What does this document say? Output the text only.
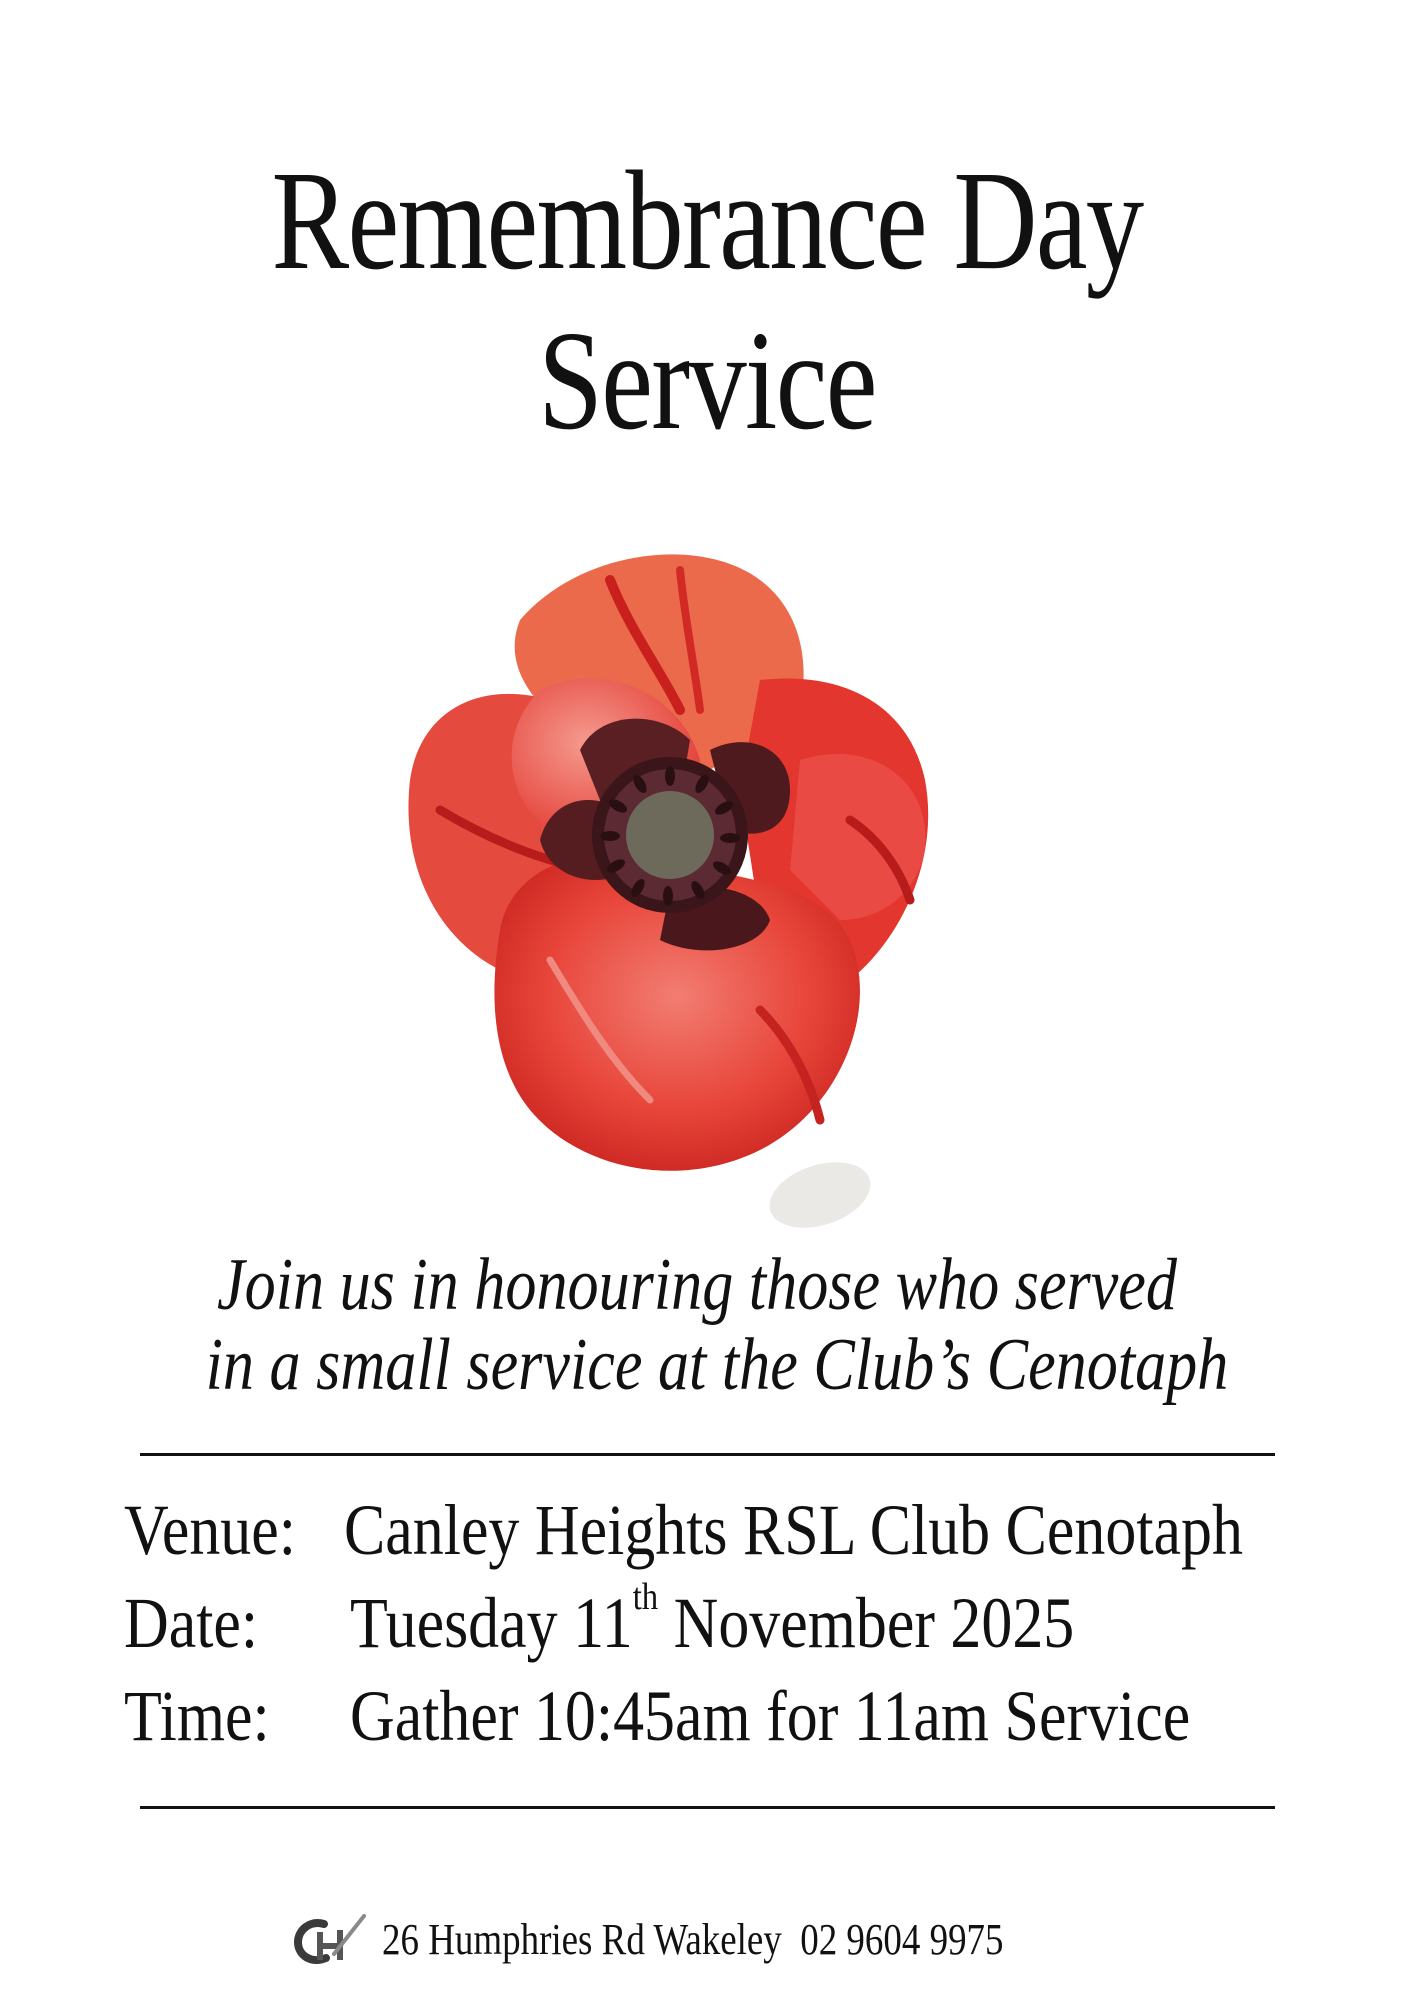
Remembrance Day
Service
Join us in honouring those who served
in a small service at the Club’s Cenotaph
Venue: Canley Heights RSL Club Cenotaph
Date: Tuesday 11th November 2025
Time: Gather 10:45am for 11am Service
26 Humphries Rd Wakeley  02 9604 9975
